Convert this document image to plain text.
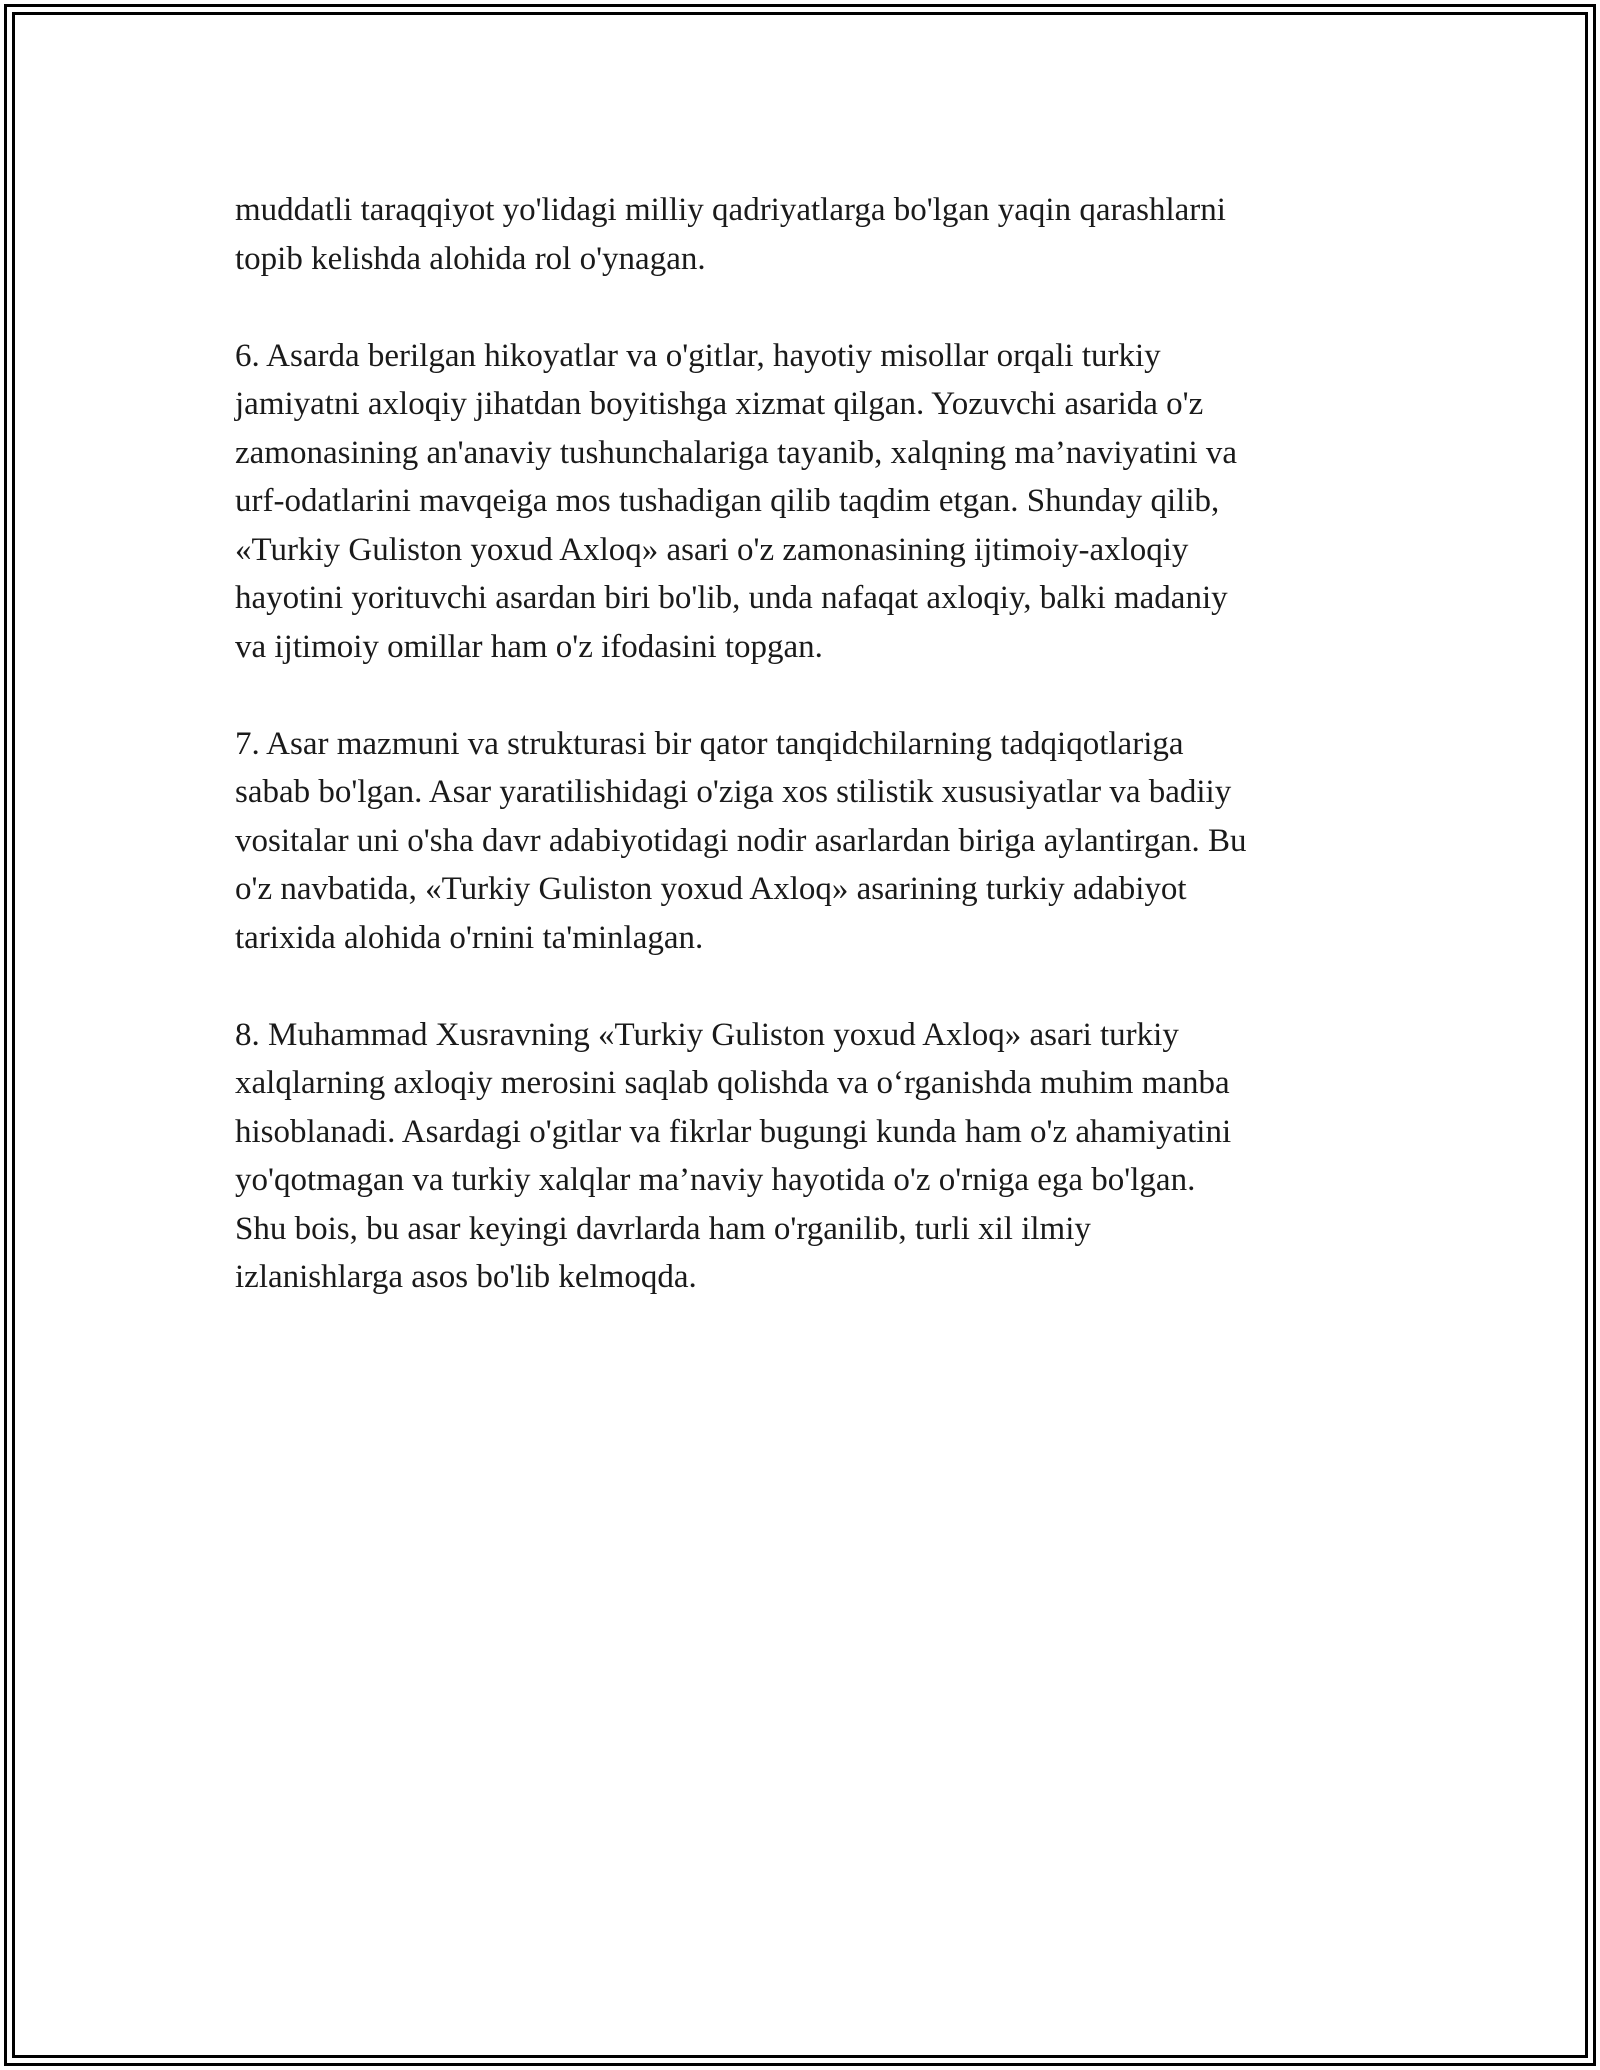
muddatli taraqqiyot yo'lidagi milliy qadriyatlarga bo'lgan yaqin qarashlarni
topib kelishda alohida rol o'ynagan.

6. Asarda berilgan hikoyatlar va o'gitlar, hayotiy misollar orqali turkiy
jamiyatni axloqiy jihatdan boyitishga xizmat qilgan. Yozuvchi asarida o'z
zamonasining an'anaviy tushunchalariga tayanib, xalqning ma’naviyatini va
urf-odatlarini mavqeiga mos tushadigan qilib taqdim etgan. Shunday qilib,
«Turkiy Guliston yoxud Axloq» asari o'z zamonasining ijtimoiy-axloqiy
hayotini yorituvchi asardan biri bo'lib, unda nafaqat axloqiy, balki madaniy
va ijtimoiy omillar ham o'z ifodasini topgan.

7. Asar mazmuni va strukturasi bir qator tanqidchilarning tadqiqotlariga
sabab bo'lgan. Asar yaratilishidagi o'ziga xos stilistik xususiyatlar va badiiy
vositalar uni o'sha davr adabiyotidagi nodir asarlardan biriga aylantirgan. Bu
o'z navbatida, «Turkiy Guliston yoxud Axloq» asarining turkiy adabiyot
tarixida alohida o'rnini ta'minlagan.

8. Muhammad Xusravning «Turkiy Guliston yoxud Axloq» asari turkiy
xalqlarning axloqiy merosini saqlab qolishda va o‘rganishda muhim manba
hisoblanadi. Asardagi o'gitlar va fikrlar bugungi kunda ham o'z ahamiyatini
yo'qotmagan va turkiy xalqlar ma’naviy hayotida o'z o'rniga ega bo'lgan.
Shu bois, bu asar keyingi davrlarda ham o'rganilib, turli xil ilmiy
izlanishlarga asos bo'lib kelmoqda.
